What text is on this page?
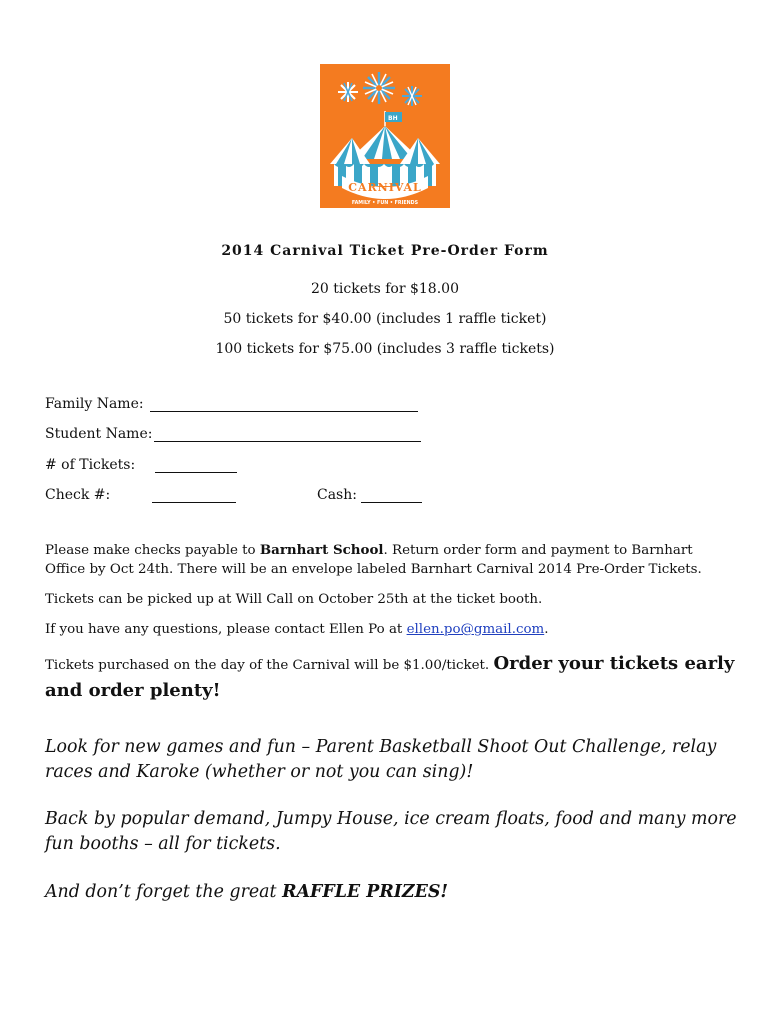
BH
CARNIVAL
FAMILY • FUN • FRIENDS
2014 Carnival Ticket Pre-Order Form
20 tickets for $18.00
50 tickets for $40.00 (includes 1 raffle ticket)
100 tickets for $75.00 (includes 3 raffle tickets)
Family Name:
Student Name:
# of Tickets:
Check #:	Cash:
Please make checks payable to Barnhart School. Return order form and payment to Barnhart Office by Oct 24th. There will be an envelope labeled Barnhart Carnival 2014 Pre-Order Tickets.
Tickets can be picked up at Will Call on October 25th at the ticket booth.
If you have any questions, please contact Ellen Po at ellen.po@gmail.com.
Tickets purchased on the day of the Carnival will be $1.00/ticket. Order your tickets early and order plenty!
Look for new games and fun – Parent Basketball Shoot Out Challenge, relay races and Karoke (whether or not you can sing)!
Back by popular demand, Jumpy House, ice cream floats, food and many more fun booths – all for tickets.
And don’t forget the great RAFFLE PRIZES!
